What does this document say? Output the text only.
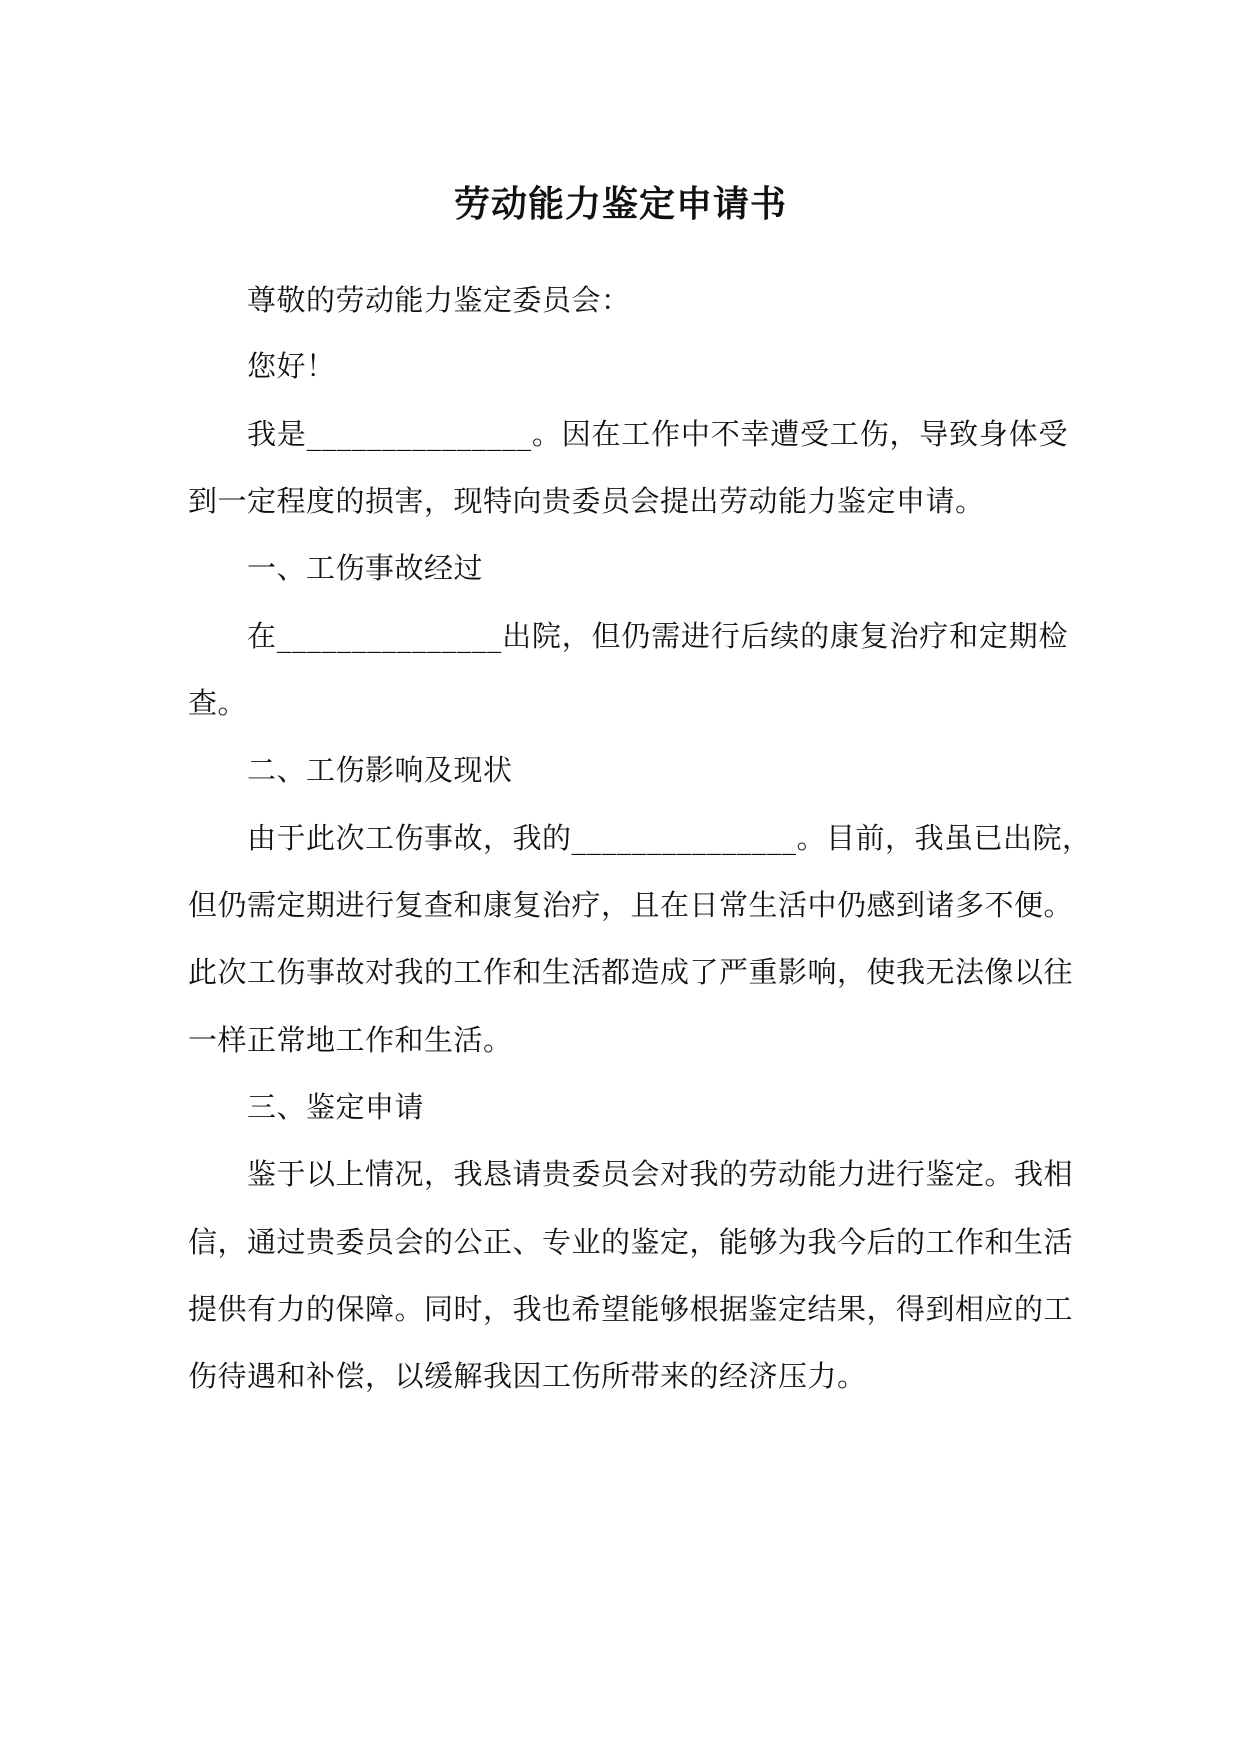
劳动能力鉴定申请书
尊敬的劳动能力鉴定委员会：
您好！
我是_______________。因在工作中不幸遭受工伤，导致身体受
到一定程度的损害，现特向贵委员会提出劳动能力鉴定申请。
一、工伤事故经过
在_______________出院，但仍需进行后续的康复治疗和定期检
查。
二、工伤影响及现状
由于此次工伤事故，我的_______________。目前，我虽已出院，
但仍需定期进行复查和康复治疗，且在日常生活中仍感到诸多不便。
此次工伤事故对我的工作和生活都造成了严重影响，使我无法像以往
一样正常地工作和生活。
三、鉴定申请
鉴于以上情况，我恳请贵委员会对我的劳动能力进行鉴定。我相
信，通过贵委员会的公正、专业的鉴定，能够为我今后的工作和生活
提供有力的保障。同时，我也希望能够根据鉴定结果，得到相应的工
伤待遇和补偿，以缓解我因工伤所带来的经济压力。
